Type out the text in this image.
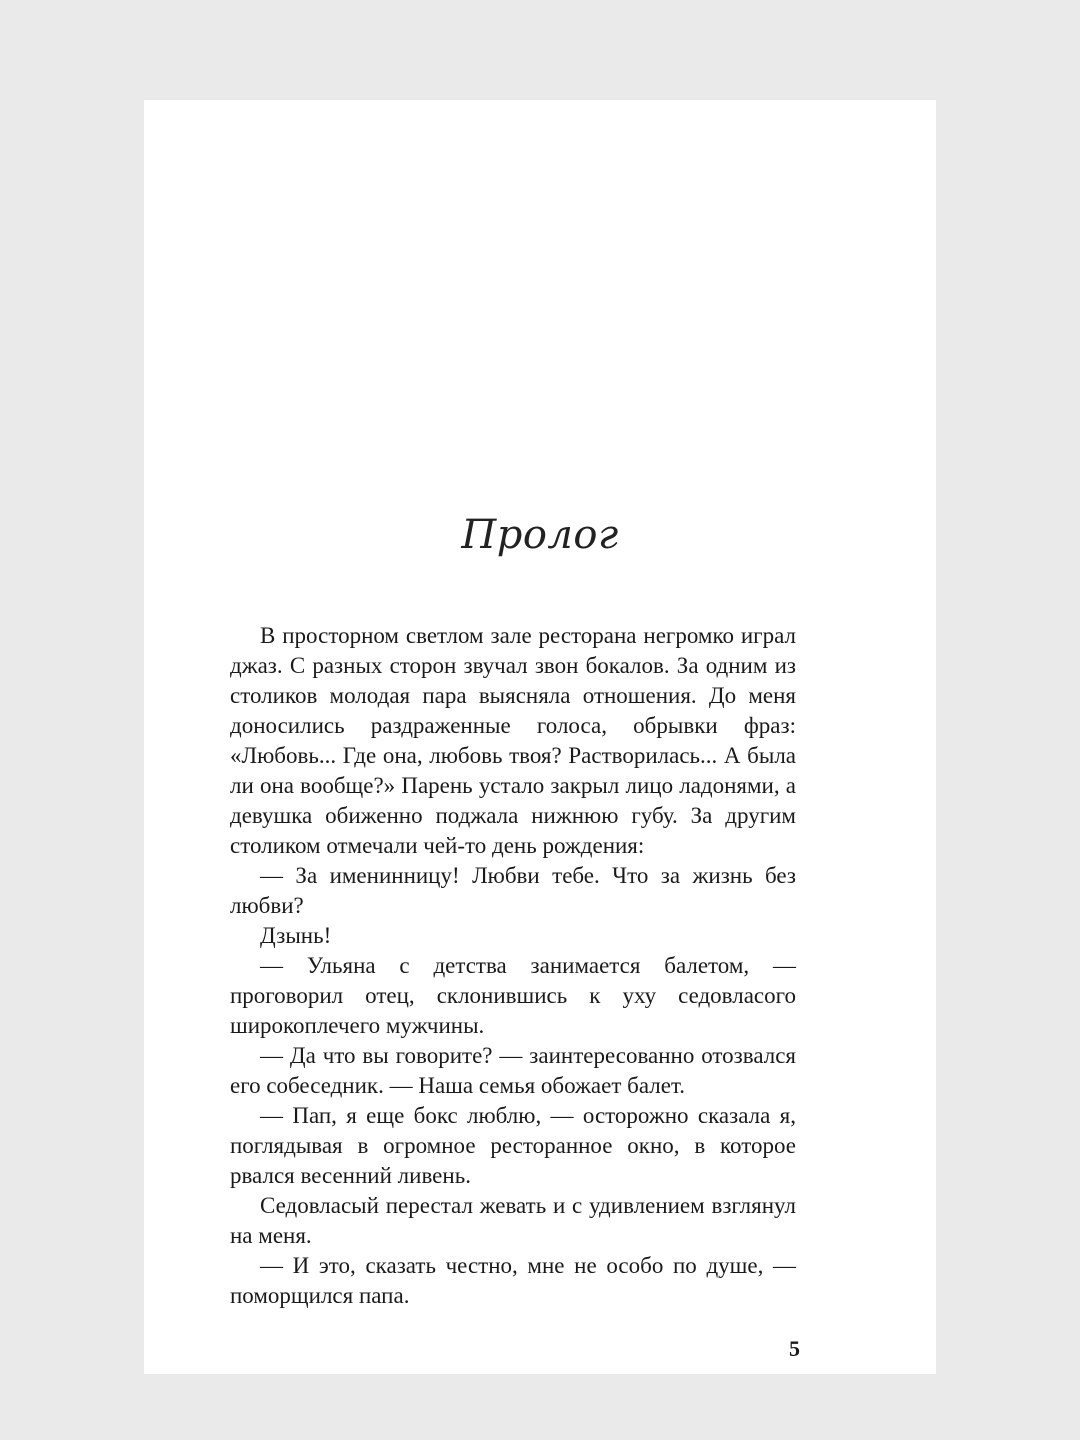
Пролог

В просторном светлом зале ресторана негромко играл джаз. С разных сторон звучал звон бокалов. За одним из столиков молодая пара выясняла отношения. До меня доносились раздраженные голоса, обрывки фраз: «Любовь... Где она, любовь твоя? Растворилась... А была ли она вообще?» Парень устало закрыл лицо ладонями, а девушка обиженно поджала нижнюю губу. За другим столиком отмечали чей-то день рождения:

— За именинницу! Любви тебе. Что за жизнь без любви?

Дзынь!

— Ульяна с детства занимается балетом, — проговорил отец, склонившись к уху седовласого широкоплечего мужчины.

— Да что вы говорите? — заинтересованно отозвался его собеседник. — Наша семья обожает балет.

— Пап, я еще бокс люблю, — осторожно сказала я, поглядывая в огромное ресторанное окно, в которое рвался весенний ливень.

Седовласый перестал жевать и с удивлением взглянул на меня.

— И это, сказать честно, мне не особо по душе, — поморщился папа.

5
